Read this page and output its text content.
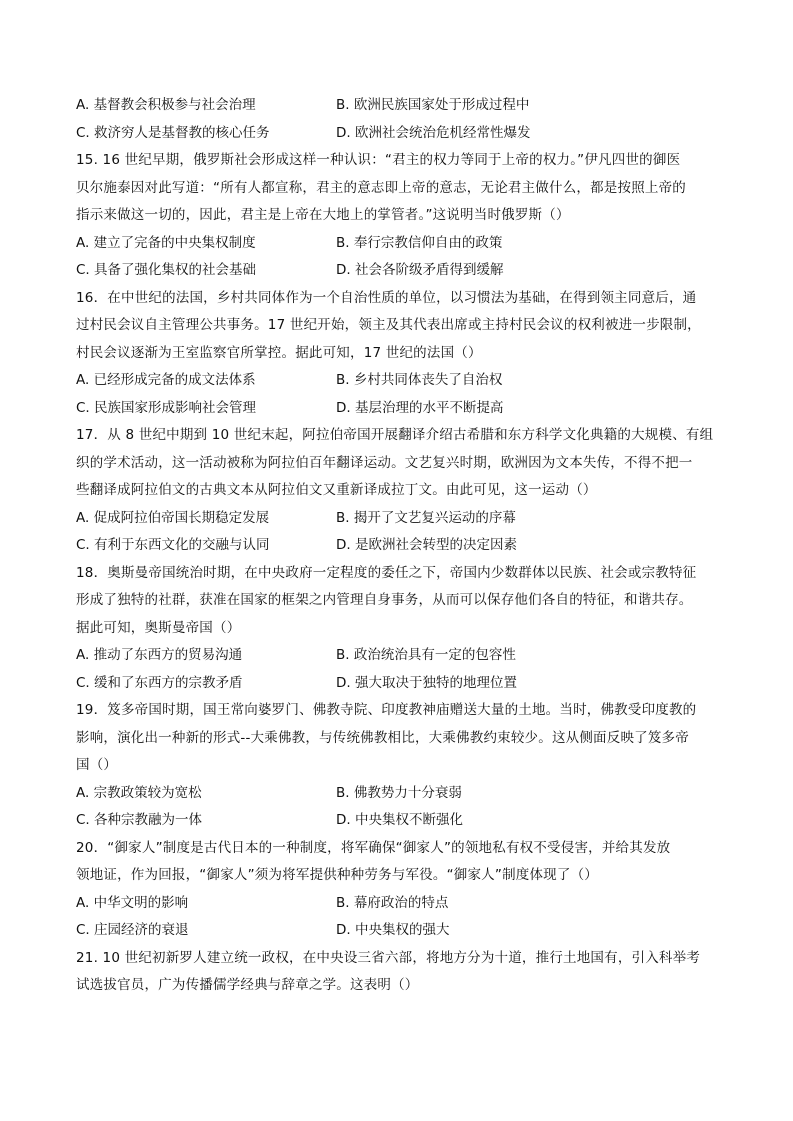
A. 基督教会积极参与社会治理	B. 欧洲民族国家处于形成过程中
C. 救济穷人是基督教的核心任务	D. 欧洲社会统治危机经常性爆发
15. 16 世纪早期，俄罗斯社会形成这样一种认识：“君主的权力等同于上帝的权力。”伊凡四世的御医
贝尔施泰因对此写道：“所有人都宣称，君主的意志即上帝的意志，无论君主做什么，都是按照上帝的
指示来做这一切的，因此，君主是上帝在大地上的掌管者。”这说明当时俄罗斯（）
A. 建立了完备的中央集权制度	B. 奉行宗教信仰自由的政策
C. 具备了强化集权的社会基础	D. 社会各阶级矛盾得到缓解
16．在中世纪的法国，乡村共同体作为一个自治性质的单位，以习惯法为基础，在得到领主同意后，通
过村民会议自主管理公共事务。17 世纪开始，领主及其代表出席或主持村民会议的权利被进一步限制，
村民会议逐渐为王室监察官所掌控。据此可知，17 世纪的法国（）
A. 已经形成完备的成文法体系	B. 乡村共同体丧失了自治权
C. 民族国家形成影响社会管理	D. 基层治理的水平不断提高
17．从 8 世纪中期到 10 世纪末起，阿拉伯帝国开展翻译介绍古希腊和东方科学文化典籍的大规模、有组
织的学术活动，这一活动被称为阿拉伯百年翻译运动。文艺复兴时期，欧洲因为文本失传，不得不把一
些翻译成阿拉伯文的古典文本从阿拉伯文又重新译成拉丁文。由此可见，这一运动（）
A. 促成阿拉伯帝国长期稳定发展	B. 揭开了文艺复兴运动的序幕
C. 有利于东西文化的交融与认同	D. 是欧洲社会转型的决定因素
18．奥斯曼帝国统治时期，在中央政府一定程度的委任之下，帝国内少数群体以民族、社会或宗教特征
形成了独特的社群，获准在国家的框架之内管理自身事务，从而可以保存他们各自的特征，和谐共存。
据此可知，奥斯曼帝国（）
A. 推动了东西方的贸易沟通	B. 政治统治具有一定的包容性
C. 缓和了东西方的宗教矛盾	D. 强大取决于独特的地理位置
19．笈多帝国时期，国王常向婆罗门、佛教寺院、印度教神庙赠送大量的土地。当时，佛教受印度教的
影响，演化出一种新的形式--大乘佛教，与传统佛教相比，大乘佛教约束较少。这从侧面反映了笈多帝
国（）
A. 宗教政策较为宽松	B. 佛教势力十分衰弱
C. 各种宗教融为一体	D. 中央集权不断强化
20．“御家人”制度是古代日本的一种制度，将军确保“御家人”的领地私有权不受侵害，并给其发放
领地证，作为回报，“御家人”须为将军提供种种劳务与军役。“御家人”制度体现了（）
A. 中华文明的影响	B. 幕府政治的特点
C. 庄园经济的衰退	D. 中央集权的强大
21. 10 世纪初新罗人建立统一政权，在中央设三省六部，将地方分为十道，推行土地国有，引入科举考
试选拔官员，广为传播儒学经典与辞章之学。这表明（）
